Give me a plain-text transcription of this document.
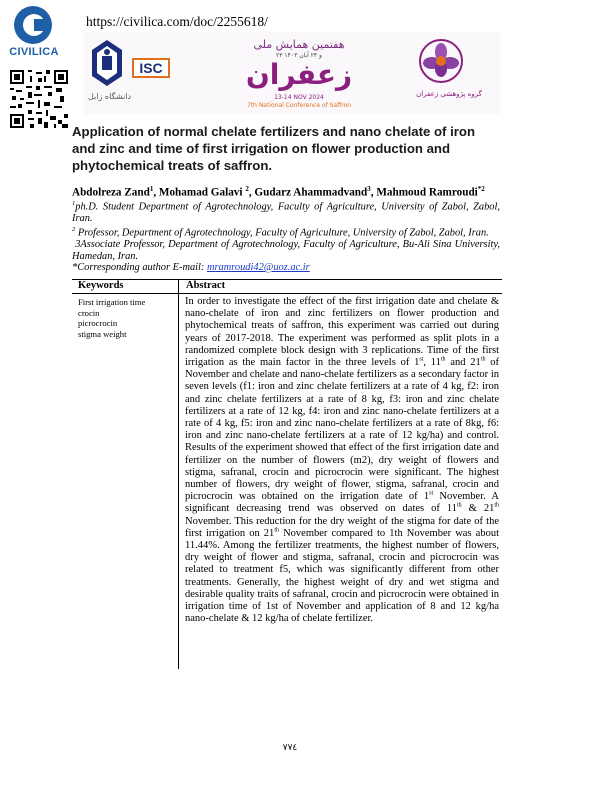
CIVILICA
https://civilica.com/doc/2255618/
دانشگاه زابل
ISC
هفتمین همایش ملی
۲۳ و ۲۴ آبان ۱۴۰۳
زعفران
13-14 NOV 2024
7th National Conference of Saffron
گروه پژوهشی زعفران
Application of normal chelate fertilizers and nano chelate of iron and zinc and time of first irrigation on flower production and phytochemical treats of saffron.
Abdolreza Zand$^1$, Mohamad Galavi $^2$, Gudarz Ahammadvand$^3$, Mahmoud Ramroudi$^{*2}$
$^1$ph.D. Student Department of Agrotechnology, Faculty of Agriculture, University of Zabol, Zabol, Iran.
$^2$ Professor, Department of Agrotechnology, Faculty of Agriculture, University of Zabol, Zabol, Iran.
3Associate Professor, Department of Agrotechnology, Faculty of Agriculture, Bu-Ali Sina University, Hamedan, Iran.
*Corresponding author E-mail: mramroudi42@uoz.ac.ir
Keywords	Abstract
First irrigation time
crocin
picrocrocin
stigma weight
In order to investigate the effect of the first irrigation date and chelate & nano-chelate of iron and zinc fertilizers on flower production and phytochemical treats of saffron, this experiment was carried out during years of 2017-2018. The experiment was performed as split plots in a randomized complete block design with 3 replications. Time of the first irrigation as the main factor in the three levels of 1st, 11th and 21th of November and chelate and nano-chelate fertilizers as a secondary factor in seven levels (f1: iron and zinc chelate fertilizers at a rate of 4 kg, f2: iron and zinc chelate fertilizers at a rate of 8 kg, f3: iron and zinc chelate fertilizers at a rate of 12 kg, f4: iron and zinc nano-chelate fertilizers at a rate of 4 kg, f5: iron and zinc nano-chelate fertilizers at a rate of 8kg, f6: iron and zinc nano-chelate fertilizers at a rate of 12 kg/ha) and control. Results of the experiment showed that effect of the first irrigation date and fertilizer on the number of flowers (m2), dry weight of flowers and stigma, safranal, crocin and picrocrocin were significant. The highest number of flowers, dry weight of flower, stigma, safranal, crocin and picrocrocin was obtained on the irrigation date of 1st November. A significant decreasing trend was observed on dates of 11th & 21th November. This reduction for the dry weight of the stigma for date of the first irrigation on 21th November compared to 1th November was about 11.44%. Among the fertilizer treatments, the highest number of flowers, dry weight of flower and stigma, safranal, crocin and picrocrocin was related to treatment f5, which was significantly different from other treatments. Generally, the highest weight of dry and wet stigma and desirable quality traits of safranal, crocin and picrocrocin were obtained in irrigation time of 1st of November and application of 8 and 12 kg/ha nano-chelate & 12 kg/ha of chelate fertilizer.
٧٧٤
